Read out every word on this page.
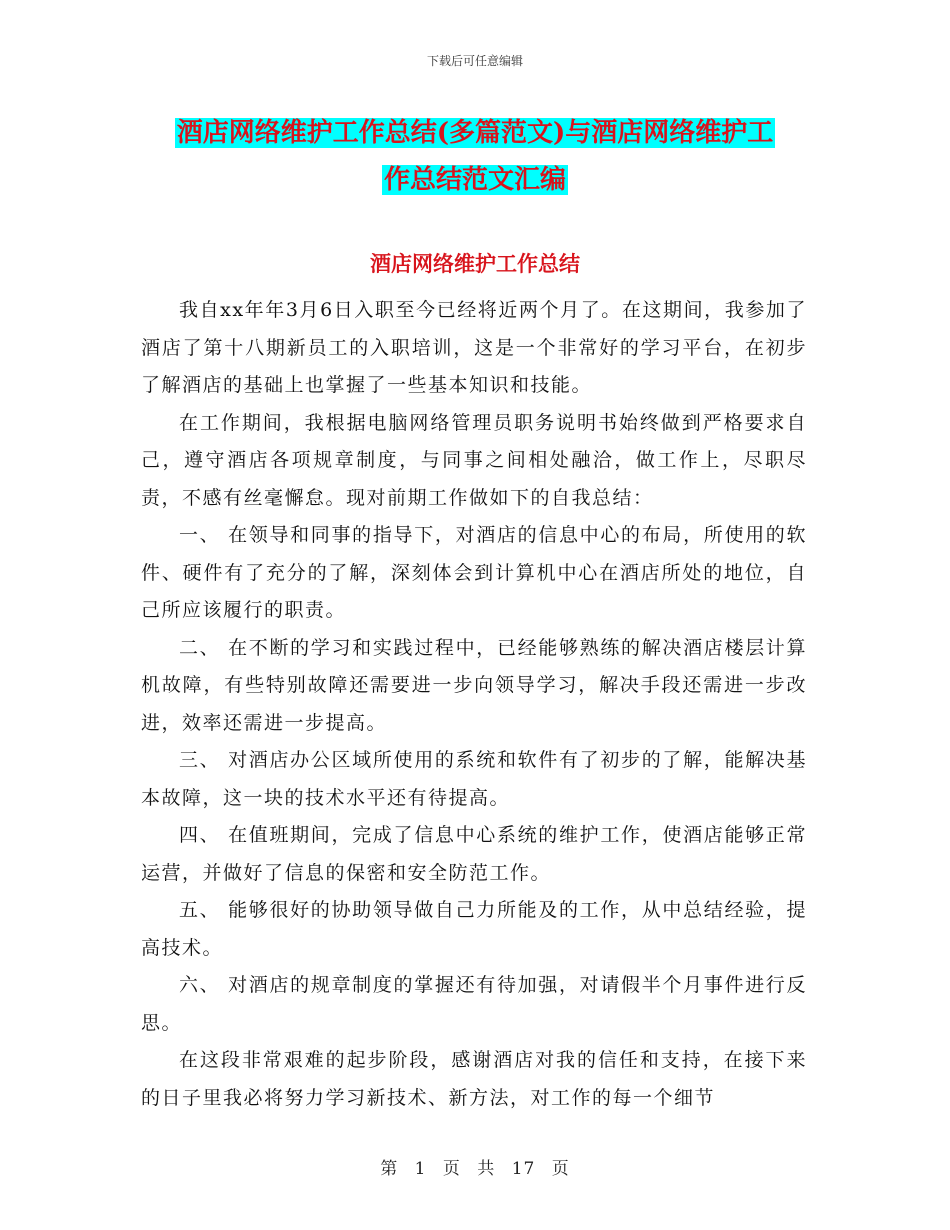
下载后可任意编辑
酒店网络维护工作总结(多篇范文)与酒店网络维护工
作总结范文汇编
酒店网络维护工作总结

我自xx年年3月6日入职至今已经将近两个月了。在这期间，我参加了酒店了第十八期新员工的入职培训，这是一个非常好的学习平台，在初步了解酒店的基础上也掌握了一些基本知识和技能。

在工作期间，我根据电脑网络管理员职务说明书始终做到严格要求自己，遵守酒店各项规章制度，与同事之间相处融洽，做工作上，尽职尽责，不感有丝毫懈怠。现对前期工作做如下的自我总结：

一、 在领导和同事的指导下，对酒店的信息中心的布局，所使用的软件、硬件有了充分的了解，深刻体会到计算机中心在酒店所处的地位，自己所应该履行的职责。

二、 在不断的学习和实践过程中，已经能够熟练的解决酒店楼层计算机故障，有些特别故障还需要进一步向领导学习，解决手段还需进一步改进，效率还需进一步提高。

三、 对酒店办公区域所使用的系统和软件有了初步的了解，能解决基本故障，这一块的技术水平还有待提高。

四、 在值班期间，完成了信息中心系统的维护工作，使酒店能够正常运营，并做好了信息的保密和安全防范工作。

五、 能够很好的协助领导做自己力所能及的工作，从中总结经验，提高技术。

六、 对酒店的规章制度的掌握还有待加强，对请假半个月事件进行反思。

在这段非常艰难的起步阶段，感谢酒店对我的信任和支持，在接下来的日子里我必将努力学习新技术、新方法，对工作的每一个细节

第 1 页 共 17 页
